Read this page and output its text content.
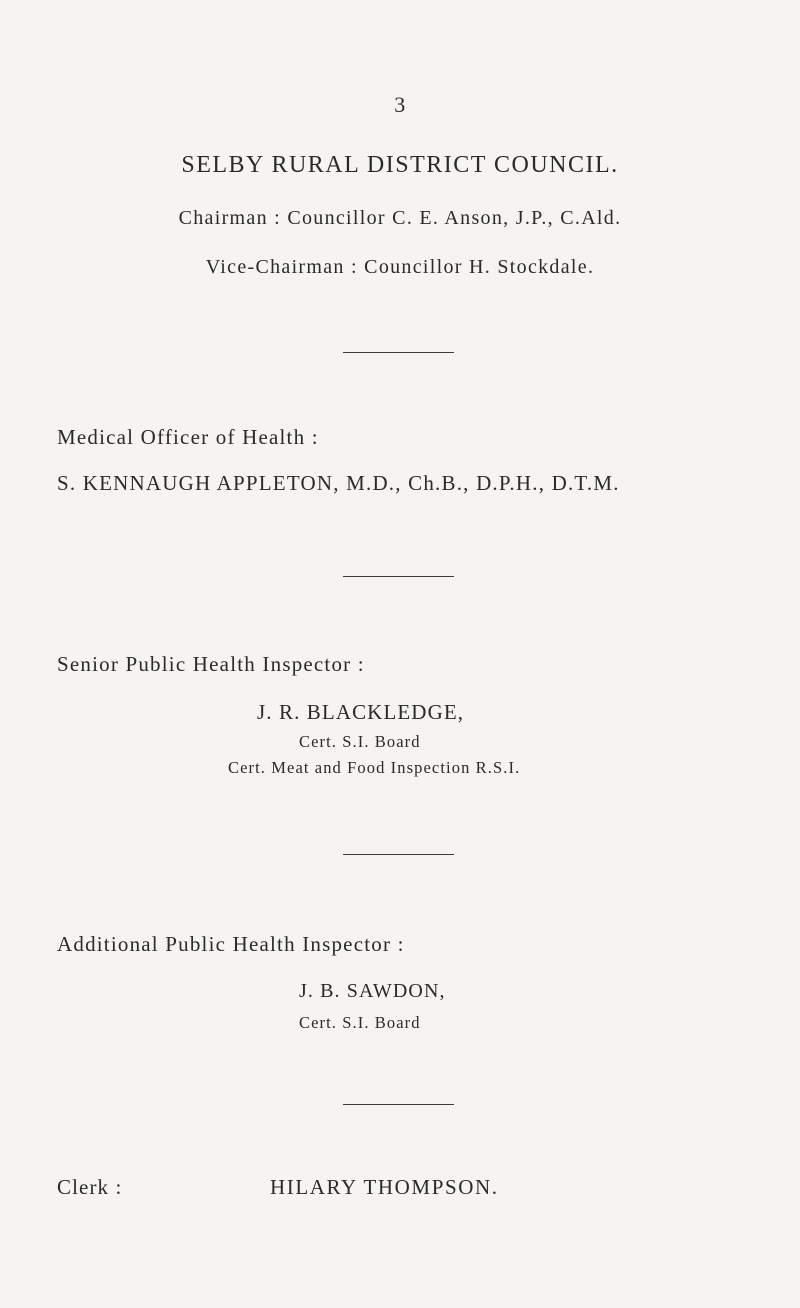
3

SELBY RURAL DISTRICT COUNCIL.

Chairman : Councillor C. E. Anson, J.P., C.Ald.

Vice-Chairman : Councillor H. Stockdale.

Medical Officer of Health :

S. KENNAUGH APPLETON, M.D., Ch.B., D.P.H., D.T.M.

Senior Public Health Inspector :

J. R. BLACKLEDGE,

Cert. S.I. Board

Cert. Meat and Food Inspection R.S.I.

Additional Public Health Inspector :

J. B. SAWDON,

Cert. S.I. Board

Clerk :	HILARY THOMPSON.
